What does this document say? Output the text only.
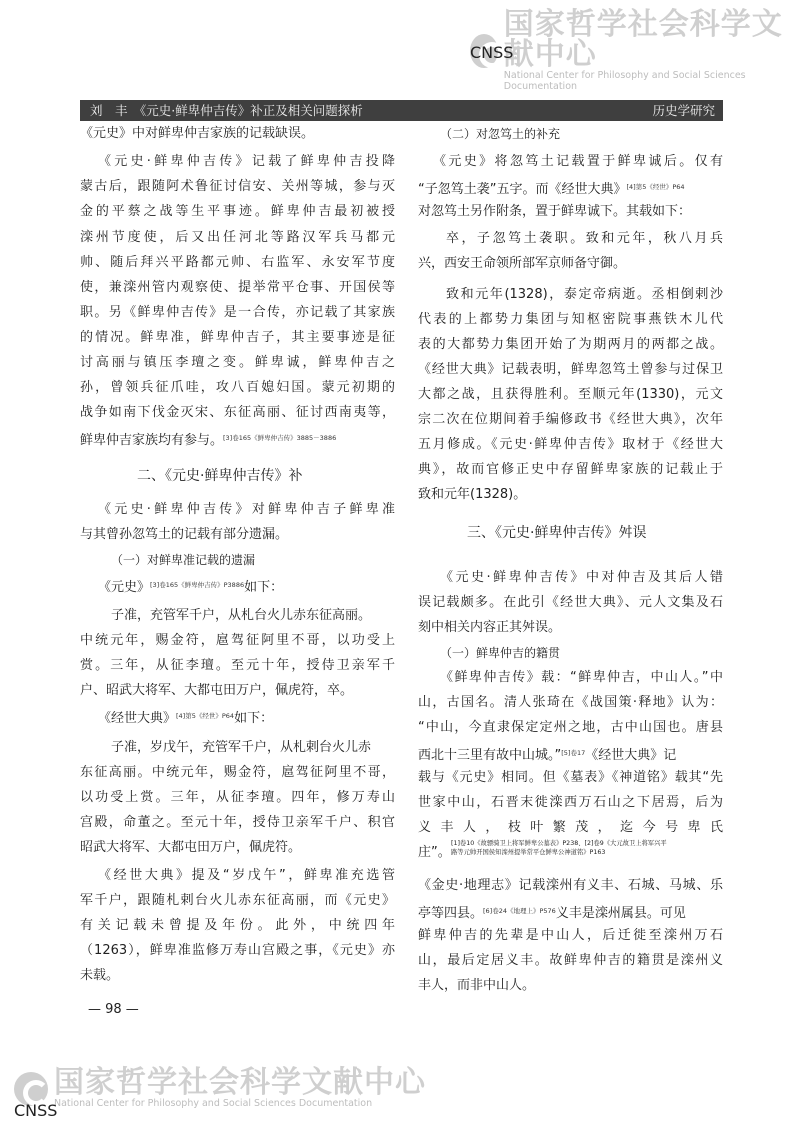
国家哲学社会科学文献中心
National Center for Philosophy and Social Sciences Documentation
CNSS
刘　丰　《元史·鲜卑仲吉传》补正及相关问题探析	历史学研究
《元史》中对鲜卑仲吉家族的记载缺误。
《元史·鲜卑仲吉传》记载了鲜卑仲吉投降
蒙古后，跟随阿术鲁征讨信安、关州等城，参与灭
金的平蔡之战等生平事迹。鲜卑仲吉最初被授
滦州节度使，后又出任河北等路汉军兵马都元
帅、随后拜兴平路都元帅、右监军、永安军节度
使，兼滦州管内观察使、提举常平仓事、开国侯等
职。另《鲜卑仲吉传》是一合传，亦记载了其家族
的情况。鲜卑准，鲜卑仲吉子，其主要事迹是征
讨高丽与镇压李璮之变。鲜卑诚，鲜卑仲吉之
孙，曾领兵征爪哇，攻八百媳妇国。蒙元初期的
战争如南下伐金灭宋、东征高丽、征讨西南夷等，
鲜卑仲吉家族均有参与。$^{[3]卷165《鲜卑仲吉传》3885-3886}$
二、《元史·鲜卑仲吉传》补
《元史·鲜卑仲吉传》对鲜卑仲吉子鲜卑准
与其曾孙忽笃土的记载有部分遗漏。
（一）对鲜卑准记载的遗漏
《元史》$^{[3]卷165《鲜卑仲吉传》P3886}$如下：
子准，充管军千户，从札台火儿赤东征高丽。
中统元年，赐金符，扈驾征阿里不哥，以功受上
赏。三年，从征李璮。至元十年，授侍卫亲军千
户、昭武大将军、大都屯田万户，佩虎符，卒。
《经世大典》$^{[4]第5《经世》P64}$如下：
子准，岁戊午，充管军千户，从札剌台火儿赤
东征高丽。中统元年，赐金符，扈驾征阿里不哥，
以功受上赏。三年，从征李璮。四年，修万寿山
宫殿，命董之。至元十年，授侍卫亲军千户、积官
昭武大将军、大都屯田万户，佩虎符。
《经世大典》提及“岁戊午”，鲜卑准充选管
军千户，跟随札剌台火儿赤东征高丽，而《元史》
有关记载未曾提及年份。此外，中统四年
（1263），鲜卑准监修万寿山宫殿之事，《元史》亦
未载。
— 98 —
（二）对忽笃土的补充
《元史》将忽笃土记载置于鲜卑诚后。仅有
“子忽笃土袭”五字。而《经世大典》$^{[4]第5《经世》P64}$
对忽笃土另作附条，置于鲜卑诚下。其载如下：
卒，子忽笃土袭职。致和元年，秋八月兵
兴，西安王命领所部军京师备守御。
致和元年(1328)，泰定帝病逝。丞相倒剌沙
代表的上都势力集团与知枢密院事燕铁木儿代
表的大都势力集团开始了为期两月的两都之战。
《经世大典》记载表明，鲜卑忽笃土曾参与过保卫
大都之战，且获得胜利。至顺元年(1330)，元文
宗二次在位期间着手编修政书《经世大典》，次年
五月修成。《元史·鲜卑仲吉传》取材于《经世大
典》，故而官修正史中存留鲜卑家族的记载止于
致和元年(1328)。
三、《元史·鲜卑仲吉传》舛误
《元史·鲜卑仲吉传》中对仲吉及其后人错
误记载颇多。在此引《经世大典》、元人文集及石
刻中相关内容正其舛误。
（一）鲜卑仲吉的籍贯
《鲜卑仲吉传》载：“鲜卑仲吉，中山人。”中
山，古国名。清人张琦在《战国策·释地》认为：
“中山，今直隶保定定州之地，古中山国也。唐县
西北十三里有故中山城。”$^{[5]卷17}$《经世大典》记
载与《元史》相同。但《墓表》《神道铭》载其“先
世家中山，石晋末徙滦西万石山之下居焉，后为
义丰人，枝叶繁茂，迄今号卑氏
庄”。
[1]卷10《故骠骑卫上将军鲜卑公墓表》P238、[2]卷9《大元故卫上将军兴平
路等元帅开国侯知滦州提举常平仓鲜卑公神道铭》P163
《金史·地理志》记载滦州有义丰、石城、马城、乐
亭等四县。$^{[6]卷24《地理上》P576}$义丰是滦州属县。可见
鲜卑仲吉的先辈是中山人，后迁徙至滦州万石
山，最后定居义丰。故鲜卑仲吉的籍贯是滦州义
丰人，而非中山人。
国家哲学社会科学文献中心
National Center for Philosophy and Social Sciences Documentation
CNSS
